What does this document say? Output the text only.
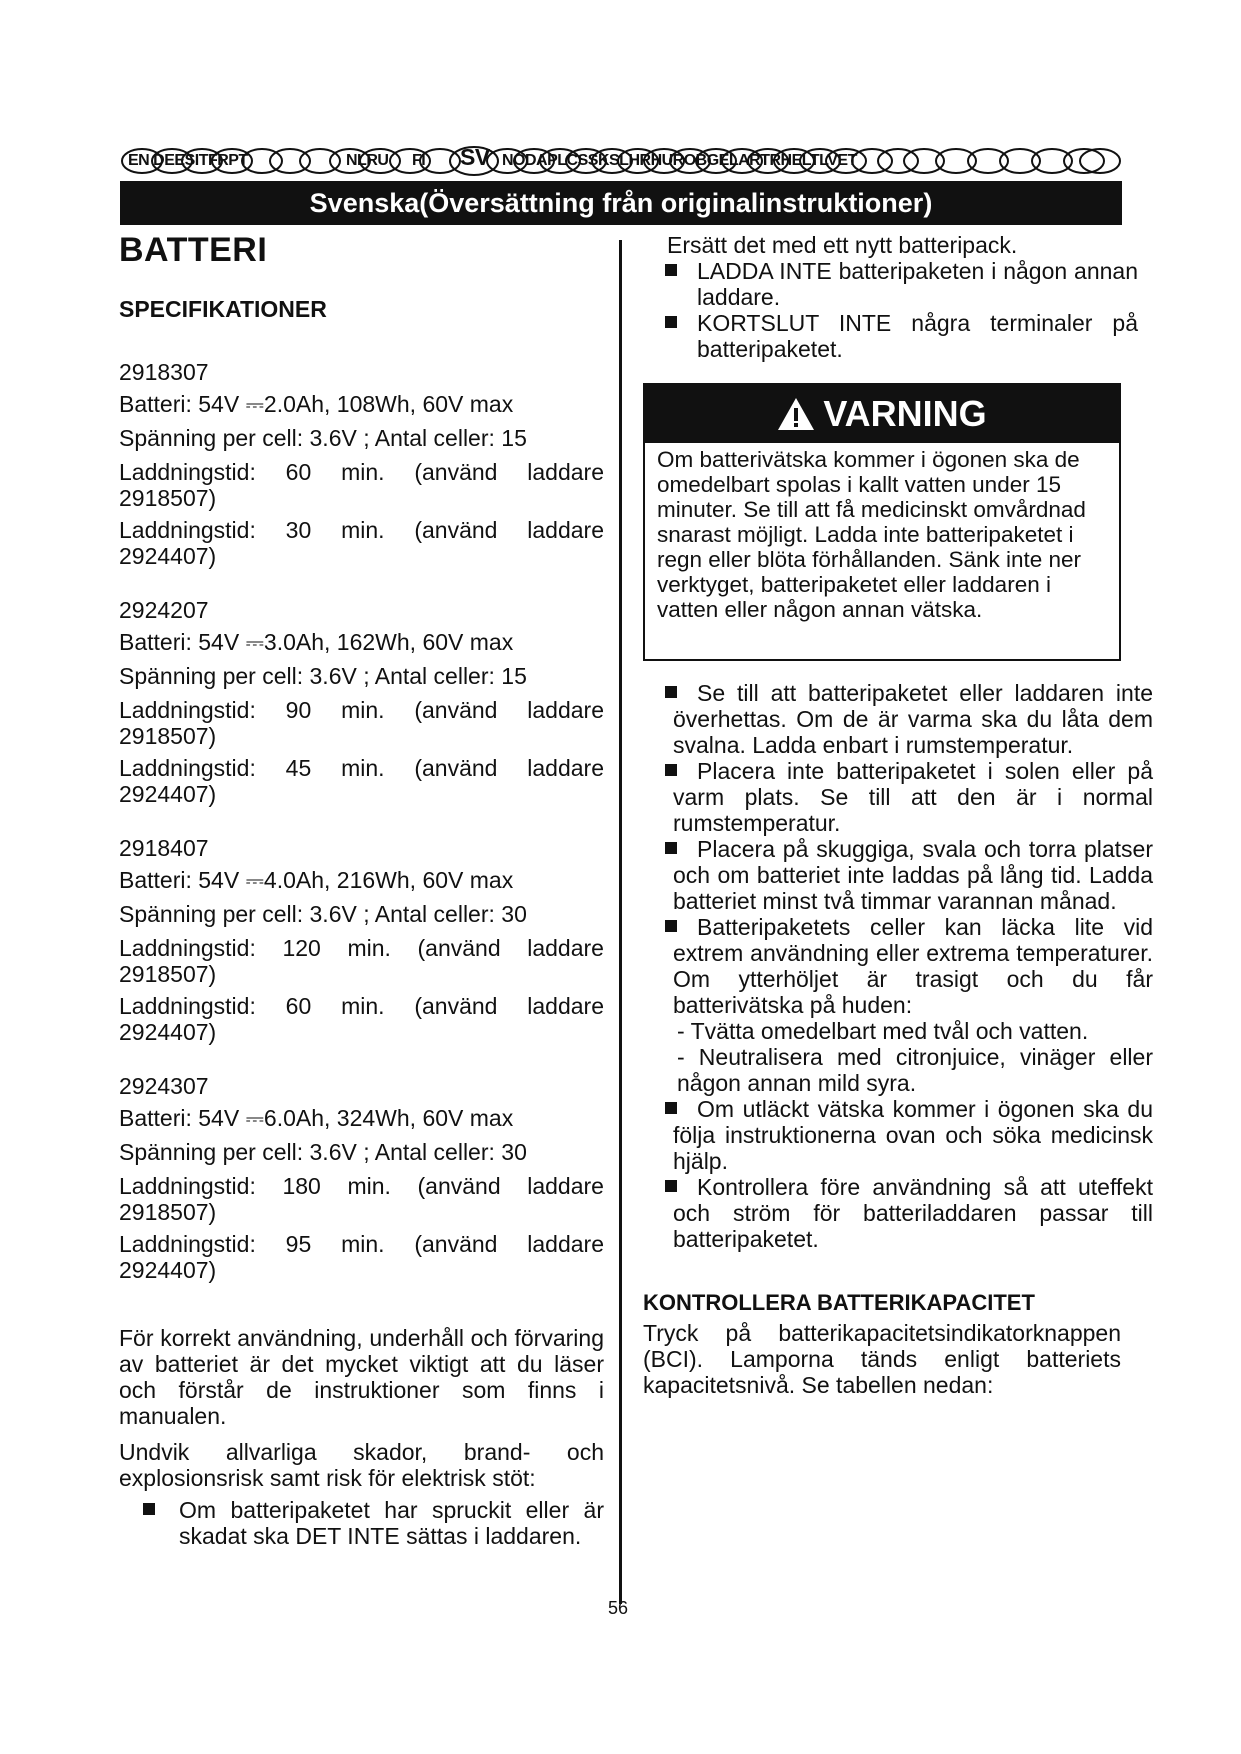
EN DEESITFRPT	NLRU FI SV NODAPLCSSKSLHRHUROBGELARTRHELTLVET
Svenska(Översättning från originalinstruktioner)
BATTERI
SPECIFIKATIONER

2918307

Batteri: 54V ⎓2.0Ah, 108Wh, 60V max

Spänning per cell: 3.6V ; Antal celler: 15

Laddningstid: 60 min. (använd laddare
2918507)
Laddningstid: 30 min. (använd laddare
2924407)

2924207

Batteri: 54V ⎓3.0Ah, 162Wh, 60V max

Spänning per cell: 3.6V ; Antal celler: 15

Laddningstid: 90 min. (använd laddare
2918507)
Laddningstid: 45 min. (använd laddare
2924407)

2918407

Batteri: 54V ⎓4.0Ah, 216Wh, 60V max

Spänning per cell: 3.6V ; Antal celler: 30

Laddningstid: 120 min. (använd laddare
2918507)
Laddningstid: 60 min. (använd laddare
2924407)

2924307

Batteri: 54V ⎓6.0Ah, 324Wh, 60V max

Spänning per cell: 3.6V ; Antal celler: 30

Laddningstid: 180 min. (använd laddare
2918507)
Laddningstid: 95 min. (använd laddare
2924407)

För korrekt användning, underhåll och förvaring av batteriet är det mycket viktigt att du läser och förstår de instruktioner som finns i manualen.

Undvik allvarliga skador, brand- och explosionsrisk samt risk för elektrisk stöt:

Om batteripaketet har spruckit eller är skadat ska DET INTE sättas i laddaren.

Ersätt det med ett nytt batteripack.

LADDA INTE batteripaketen i någon annan laddare.

KORTSLUT INTE några terminaler på batteripaketet.

VARNING
Om batterivätska kommer i ögonen ska de omedelbart spolas i kallt vatten under 15 minuter. Se till att få medicinskt omvårdnad snarast möjligt. Ladda inte batteripaketet i regn eller blöta förhållanden. Sänk inte ner verktyget, batteripaketet eller laddaren i vatten eller någon annan vätska.

Se till att batteripaketet eller laddaren inte överhettas. Om de är varma ska du låta dem svalna. Ladda enbart i rumstemperatur.

Placera inte batteripaketet i solen eller på varm plats. Se till att den är i normal rumstemperatur.

Placera på skuggiga, svala och torra platser och om batteriet inte laddas på lång tid. Ladda batteriet minst två timmar varannan månad.

Batteripaketets celler kan läcka lite vid extrem användning eller extrema temperaturer. Om ytterhöljet är trasigt och du får batterivätska på huden:

- Tvätta omedelbart med tvål och vatten.

- Neutralisera med citronjuice, vinäger eller någon annan mild syra.

Om utläckt vätska kommer i ögonen ska du följa instruktionerna ovan och söka medicinsk hjälp.

Kontrollera före användning så att uteffekt och ström för batteriladdaren passar till batteripaketet.

KONTROLLERA BATTERIKAPACITET

Tryck på batterikapacitetsindikatorknappen (BCI). Lamporna tänds enligt batteriets kapacitetsnivå. Se tabellen nedan:

56
